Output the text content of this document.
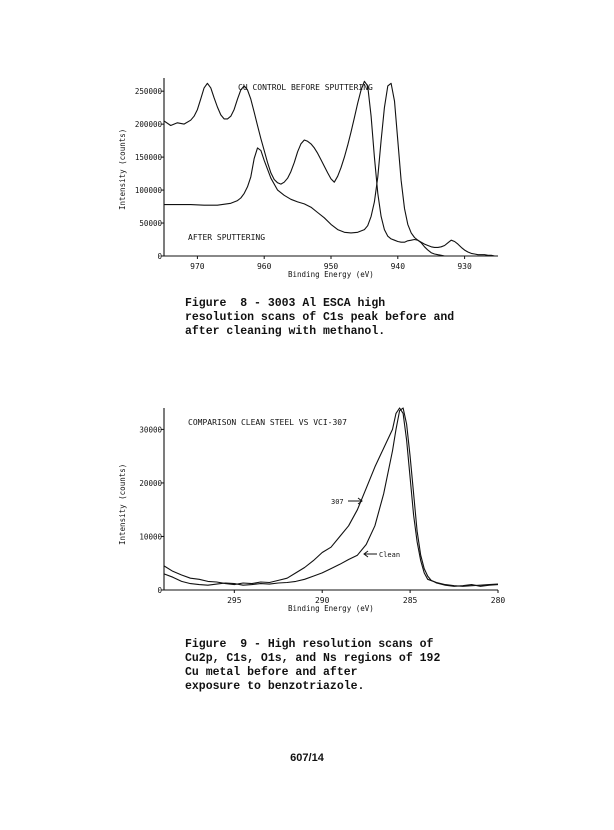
970	960	950	940	930
0
50000
100000
150000
200000
250000	CU CONTROL BEFORE SPUTTERING
AFTER SPUTTERING
Binding Energy (eV)
Intensity (counts)
Figure  8 - 3003 Al ESCA high
resolution scans of C1s peak before and
after cleaning with methanol.
295	290	285	280
0
10000
20000
30000
COMPARISON CLEAN STEEL VS VCI-307
307
Clean
Binding Energy (eV)
Intensity (counts)
Figure  9 - High resolution scans of
Cu2p, C1s, O1s, and Ns regions of 192
Cu metal before and after
exposure to benzotriazole.
607/14
